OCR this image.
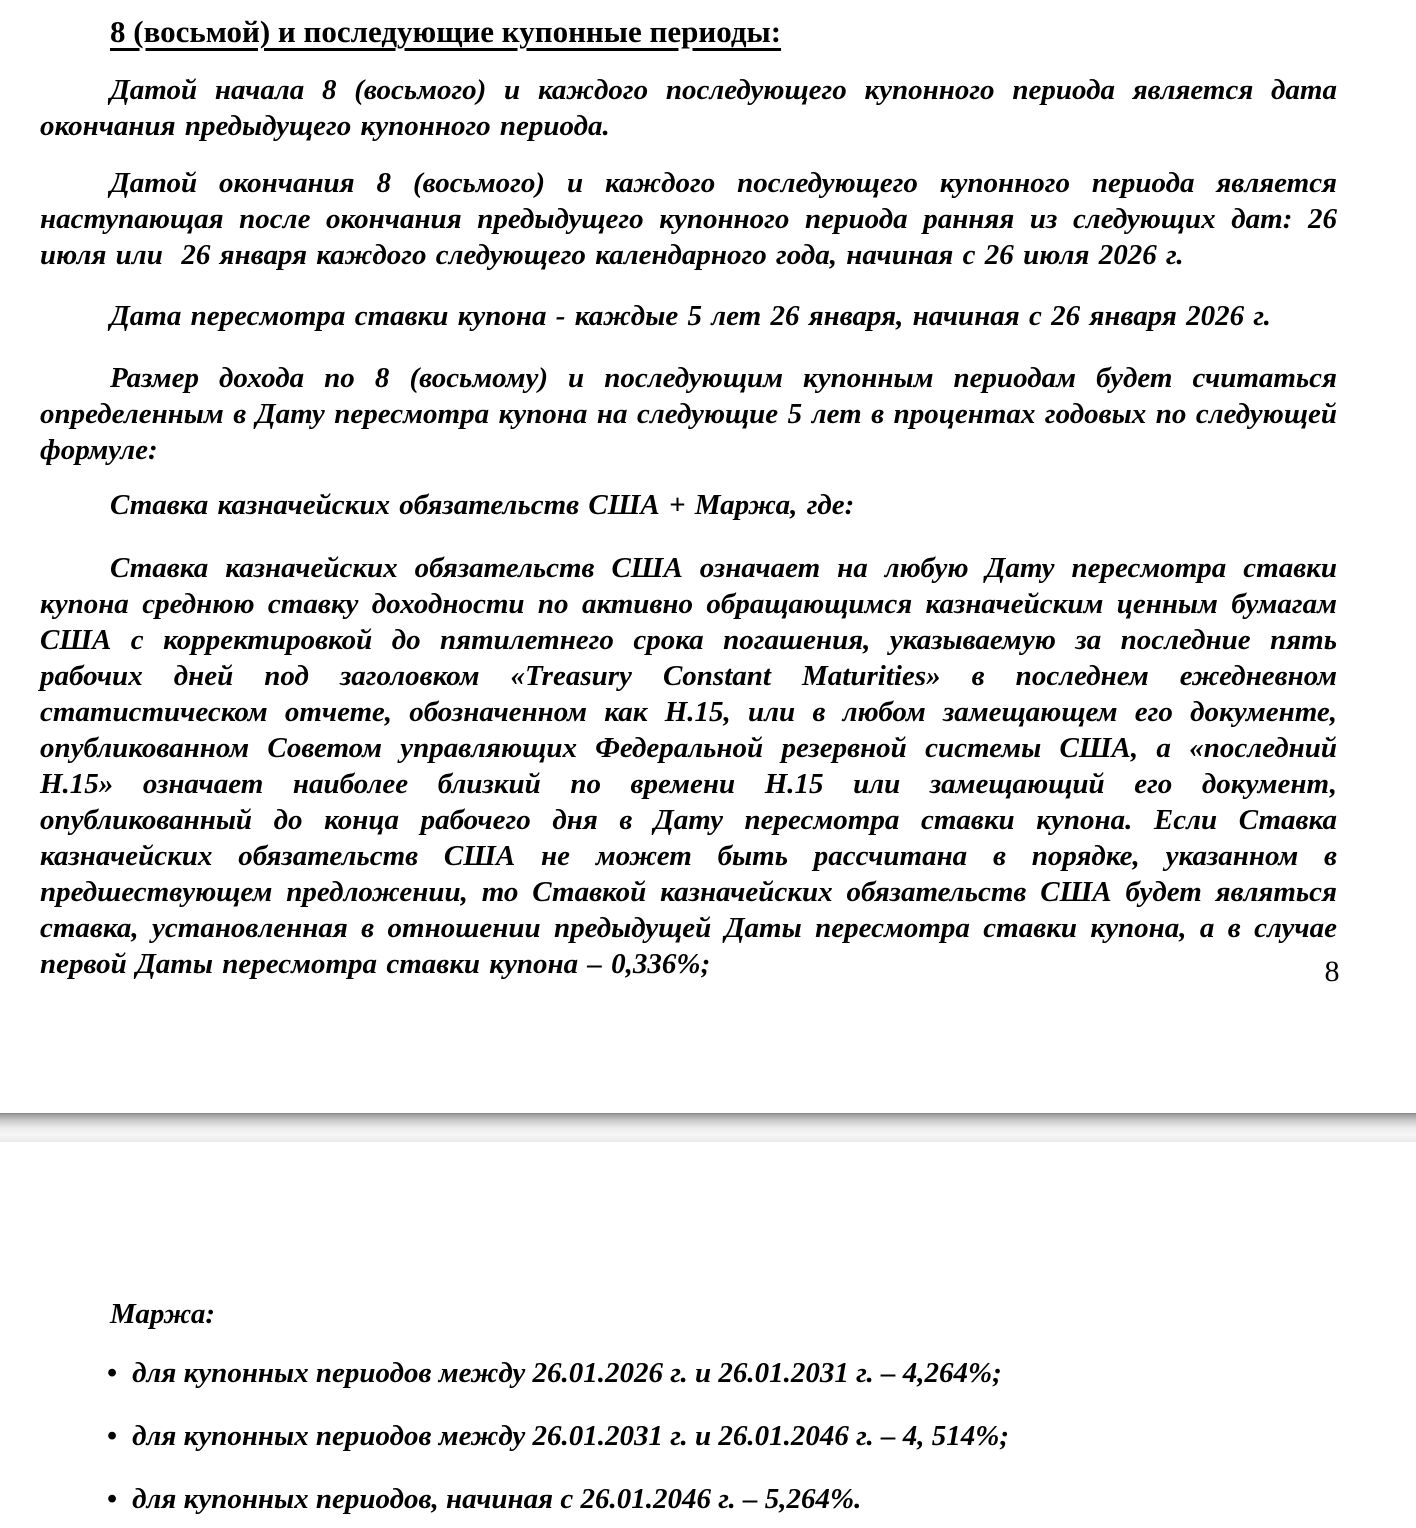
8 (восьмой) и последующие купонные периоды:

Датой начала 8 (восьмого) и каждого последующего купонного периода является дата окончания предыдущего купонного периода.

Датой окончания 8 (восьмого) и каждого последующего купонного периода является наступающая после окончания предыдущего купонного периода ранняя из следующих дат: 26 июля или  26 января каждого следующего календарного года, начиная с 26 июля 2026 г.

Дата пересмотра ставки купона - каждые 5 лет 26 января, начиная с 26 января 2026 г.

Размер дохода по 8 (восьмому) и последующим купонным периодам будет считаться определенным в Дату пересмотра купона на следующие 5 лет в процентах годовых по следующей формуле:

Ставка казначейских обязательств США + Маржа, где:

Ставка казначейских обязательств США означает на любую Дату пересмотра ставки купона среднюю ставку доходности по активно обращающимся казначейским ценным бумагам США с корректировкой до пятилетнего срока погашения, указываемую за последние пять рабочих дней под заголовком «Treasury Constant Maturities» в последнем ежедневном статистическом отчете, обозначенном как Н.15, или в любом замещающем его документе, опубликованном Советом управляющих Федеральной резервной системы США, а «последний Н.15» означает наиболее близкий по времени Н.15 или замещающий его документ, опубликованный до конца рабочего дня в Дату пересмотра ставки купона. Если Ставка казначейских обязательств США не может быть рассчитана в порядке, указанном в предшествующем предложении, то Ставкой казначейских обязательств США будет являться ставка, установленная в отношении предыдущей Даты пересмотра ставки купона, а в случае первой Даты пересмотра ставки купона – 0,336%;	8

Маржа:

• для купонных периодов между 26.01.2026 г. и 26.01.2031 г. – 4,264%;

• для купонных периодов между 26.01.2031 г. и 26.01.2046 г. – 4, 514%;

• для купонных периодов, начиная с 26.01.2046 г. – 5,264%.
